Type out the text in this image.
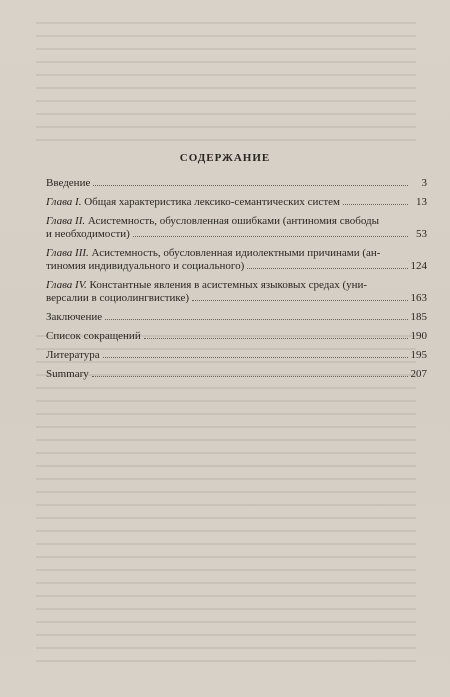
СОДЕРЖАНИЕ
Введение	3
Глава I. Общая характеристика лексико-семантических систем	13
Глава II. Асистемность, обусловленная ошибками (антиномия свободы
и необходимости)	53
Глава III. Асистемность, обусловленная идиолектными причинами (ан-
тиномия индивидуального и социального)	124
Глава IV. Константные явления в асистемных языковых средах (уни-
версалии в социолингвистике)	163
Заключение	185
Список сокращений	190
Литература	195
Summary	207
